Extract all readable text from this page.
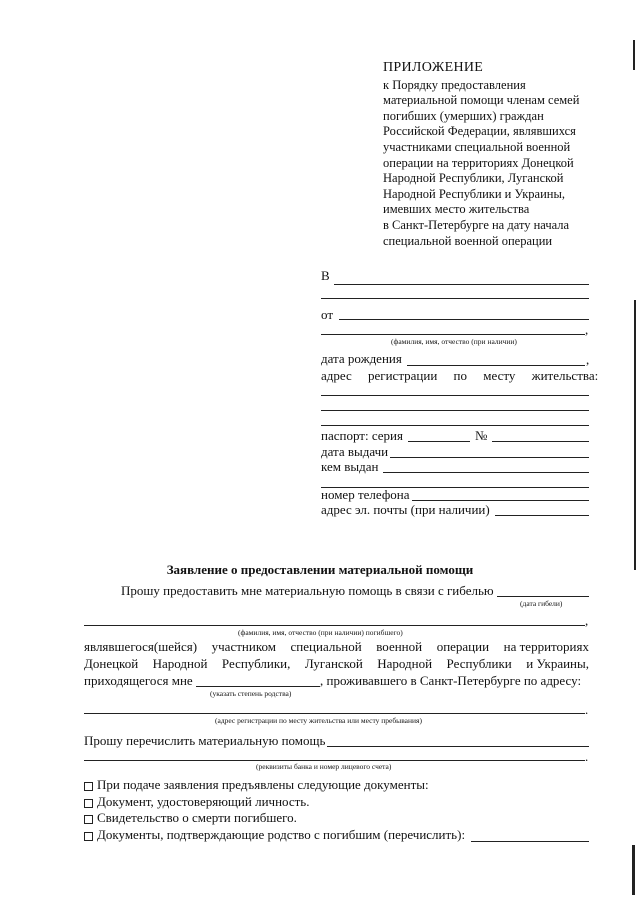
ПРИЛОЖЕНИЕ
к Порядку предоставления
материальной помощи членам семей
погибших (умерших) граждан
Российской Федерации, являвшихся
участниками специальной военной
операции на территориях Донецкой
Народной Республики, Луганской
Народной Республики и Украины,
имевших место жительства
в Санкт-Петербурге на дату начала
специальной военной операции
В
от
,
(фамилия, имя, отчество (при наличии)
дата рождения	,
адрес регистрации по месту жительства:
паспорт: серия	№
дата выдачи
кем выдан
номер телефона
адрес эл. почты (при наличии)
Заявление о предоставлении материальной помощи
Прошу предоставить мне материальную помощь в связи с гибелью
(дата гибели)
,
(фамилия, имя, отчество (при наличии) погибшего)
являвшегося(шейся) участником специальной военной операции на территориях
Донецкой Народной Республики, Луганской Народной Республики и Украины,
приходящегося мне	, проживавшего в Санкт-Петербурге по адресу:
(указать степень родства)
.
(адрес регистрации по месту жительства или месту пребывания)
Прошу перечислить материальную помощь
.
(реквизиты банка и номер лицевого счета)
При подаче заявления предъявлены следующие документы:
Документ, удостоверяющий личность.
Свидетельство о смерти погибшего.
Документы, подтверждающие родство с погибшим (перечислить):
